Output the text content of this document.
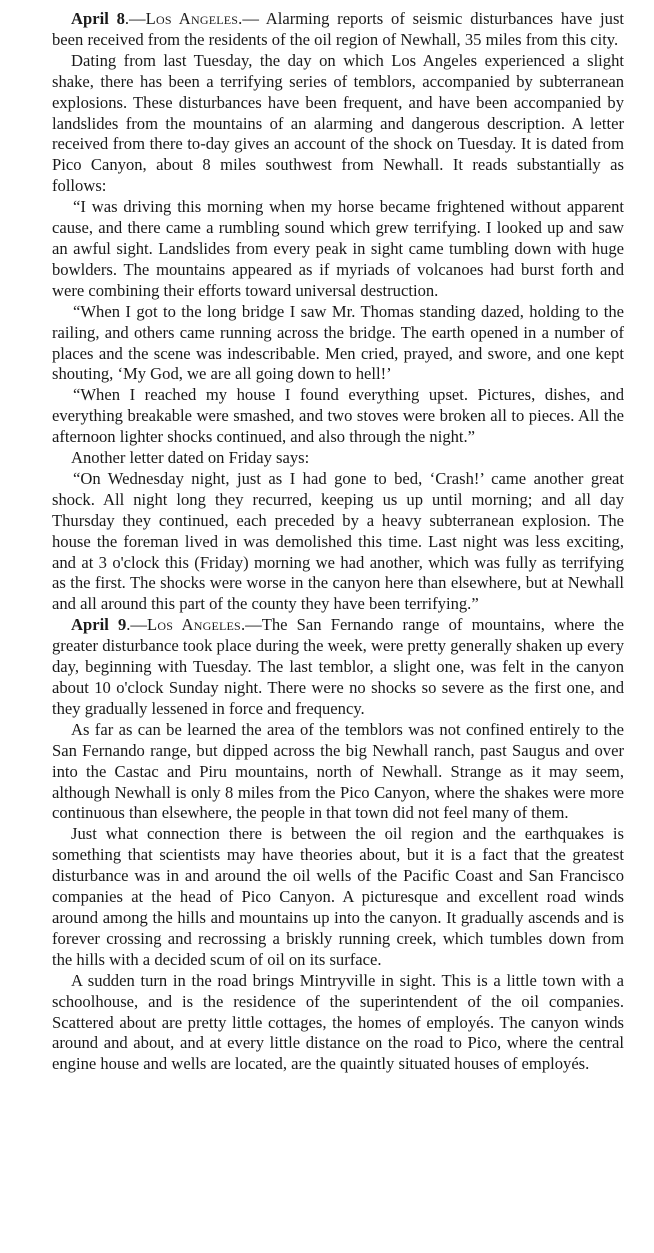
April 8.—Los Angeles.— Alarming reports of seismic disturbances have just been received from the residents of the oil region of Newhall, 35 miles from this city.

Dating from last Tuesday, the day on which Los Angeles experienced a slight shake, there has been a terrifying series of temblors, accompanied by subterranean explosions. These disturbances have been frequent, and have been accompanied by landslides from the mountains of an alarming and dangerous description. A letter received from there to-day gives an account of the shock on Tuesday. It is dated from Pico Canyon, about 8 miles southwest from Newhall. It reads substantially as follows:

“I was driving this morning when my horse became frightened without apparent cause, and there came a rumbling sound which grew terrifying. I looked up and saw an awful sight. Landslides from every peak in sight came tumbling down with huge bowlders. The mountains appeared as if myriads of volcanoes had burst forth and were combining their efforts toward universal destruction.

“When I got to the long bridge I saw Mr. Thomas standing dazed, holding to the railing, and others came running across the bridge. The earth opened in a number of places and the scene was indescribable. Men cried, prayed, and swore, and one kept shouting, ‘My God, we are all going down to hell!’

“When I reached my house I found everything upset. Pictures, dishes, and everything breakable were smashed, and two stoves were broken all to pieces. All the afternoon lighter shocks continued, and also through the night.”

Another letter dated on Friday says:

“On Wednesday night, just as I had gone to bed, ‘Crash!’ came another great shock. All night long they recurred, keeping us up until morning; and all day Thursday they continued, each preceded by a heavy subterranean explosion. The house the foreman lived in was demolished this time. Last night was less exciting, and at 3 o'clock this (Friday) morning we had another, which was fully as terrifying as the first. The shocks were worse in the canyon here than elsewhere, but at Newhall and all around this part of the county they have been terrifying.”

April 9.—Los Angeles.—The San Fernando range of mountains, where the greater disturbance took place during the week, were pretty generally shaken up every day, beginning with Tuesday. The last temblor, a slight one, was felt in the canyon about 10 o'clock Sunday night. There were no shocks so severe as the first one, and they gradually lessened in force and frequency.

As far as can be learned the area of the temblors was not confined entirely to the San Fernando range, but dipped across the big Newhall ranch, past Saugus and over into the Castac and Piru mountains, north of Newhall. Strange as it may seem, although Newhall is only 8 miles from the Pico Canyon, where the shakes were more continuous than elsewhere, the people in that town did not feel many of them.

Just what connection there is between the oil region and the earthquakes is something that scientists may have theories about, but it is a fact that the greatest disturbance was in and around the oil wells of the Pacific Coast and San Francisco companies at the head of Pico Canyon. A picturesque and excellent road winds around among the hills and mountains up into the canyon. It gradually ascends and is forever crossing and recrossing a briskly running creek, which tumbles down from the hills with a decided scum of oil on its surface.

A sudden turn in the road brings Mintryville in sight. This is a little town with a schoolhouse, and is the residence of the superintendent of the oil companies. Scattered about are pretty little cottages, the homes of employés. The canyon winds around and about, and at every little distance on the road to Pico, where the central engine house and wells are located, are the quaintly situated houses of employés.
